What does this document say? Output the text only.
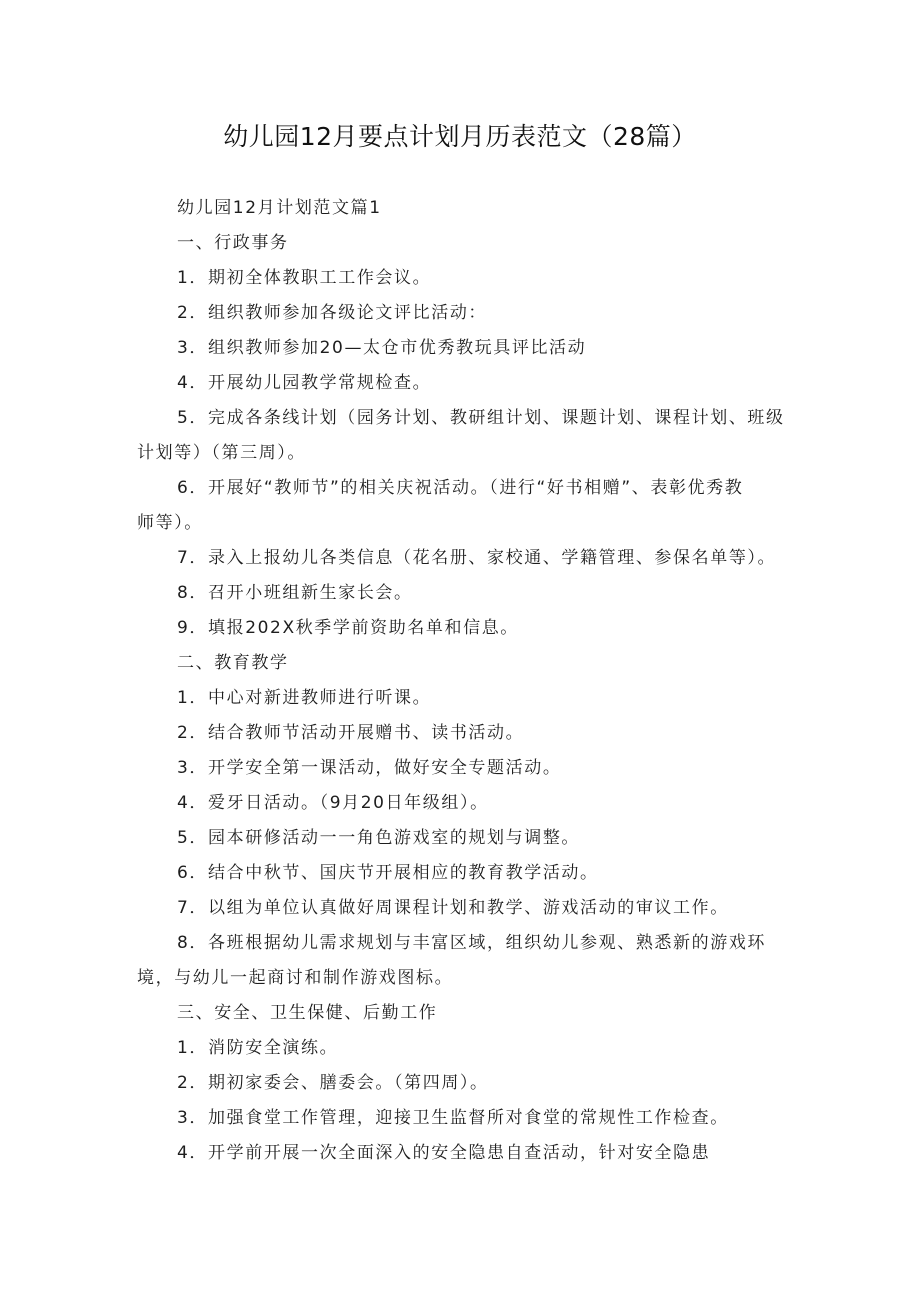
幼儿园12月要点计划月历表范文（28篇）
幼儿园12月计划范文篇1
一、行政事务
1．期初全体教职工工作会议。
2．组织教师参加各级论文评比活动：
3．组织教师参加20—太仓市优秀教玩具评比活动
4．开展幼儿园教学常规检查。
5．完成各条线计划（园务计划、教研组计划、课题计划、课程计划、班级
计划等）（第三周）。
6．开展好“教师节”的相关庆祝活动。（进行“好书相赠”、表彰优秀教
师等）。
7．录入上报幼儿各类信息（花名册、家校通、学籍管理、参保名单等）。
8．召开小班组新生家长会。
9．填报202X秋季学前资助名单和信息。
二、教育教学
1．中心对新进教师进行听课。
2．结合教师节活动开展赠书、读书活动。
3．开学安全第一课活动，做好安全专题活动。
4．爱牙日活动。（9月20日年级组）。
5．园本研修活动一一角色游戏室的规划与调整。
6．结合中秋节、国庆节开展相应的教育教学活动。
7．以组为单位认真做好周课程计划和教学、游戏活动的审议工作。
8．各班根据幼儿需求规划与丰富区域，组织幼儿参观、熟悉新的游戏环
境，与幼儿一起商讨和制作游戏图标。
三、安全、卫生保健、后勤工作
1．消防安全演练。
2．期初家委会、膳委会。（第四周）。
3．加强食堂工作管理，迎接卫生监督所对食堂的常规性工作检查。
4．开学前开展一次全面深入的安全隐患自查活动，针对安全隐患
